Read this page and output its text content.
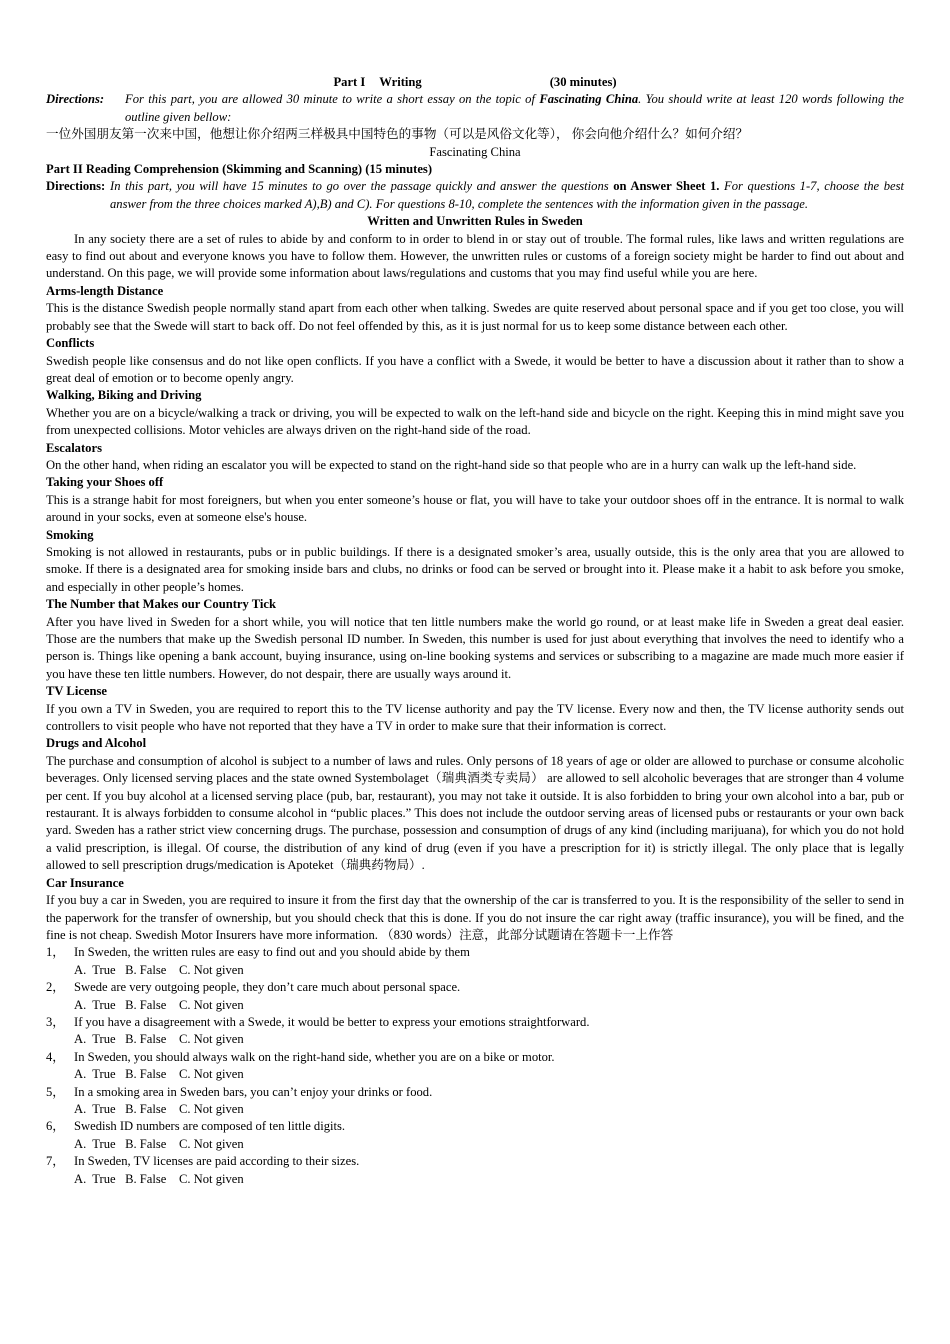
Part I Writing	(30 minutes)

Directions: For this part, you are allowed 30 minute to write a short essay on the topic of Fascinating China. You should write at least 120 words following the outline given bellow:

一位外国朋友第一次来中国，他想让你介绍两三样极具中国特色的事物（可以是风俗文化等）， 你会向他介绍什么？如何介绍？

Fascinating China

Part II Reading Comprehension (Skimming and Scanning) (15 minutes)

Directions: In this part, you will have 15 minutes to go over the passage quickly and answer the questions on Answer Sheet 1. For questions 1-7, choose the best answer from the three choices marked A),B) and C). For questions 8-10, complete the sentences with the information given in the passage.

Written and Unwritten Rules in Sweden

In any society there are a set of rules to abide by and conform to in order to blend in or stay out of trouble. The formal rules, like laws and written regulations are easy to find out about and everyone knows you have to follow them. However, the unwritten rules or customs of a foreign society might be harder to find out about and understand. On this page, we will provide some information about laws/regulations and customs that you may find useful while you are here.

Arms-length Distance

This is the distance Swedish people normally stand apart from each other when talking. Swedes are quite reserved about personal space and if you get too close, you will probably see that the Swede will start to back off. Do not feel offended by this, as it is just normal for us to keep some distance between each other.

Conflicts

Swedish people like consensus and do not like open conflicts. If you have a conflict with a Swede, it would be better to have a discussion about it rather than to show a great deal of emotion or to become openly angry.

Walking, Biking and Driving

Whether you are on a bicycle/walking a track or driving, you will be expected to walk on the left-hand side and bicycle on the right. Keeping this in mind might save you from unexpected collisions. Motor vehicles are always driven on the right-hand side of the road.

Escalators

On the other hand, when riding an escalator you will be expected to stand on the right-hand side so that people who are in a hurry can walk up the left-hand side.

Taking your Shoes off

This is a strange habit for most foreigners, but when you enter someone’s house or flat, you will have to take your outdoor shoes off in the entrance. It is normal to walk around in your socks, even at someone else's house.

Smoking

Smoking is not allowed in restaurants, pubs or in public buildings. If there is a designated smoker’s area, usually outside, this is the only area that you are allowed to smoke. If there is a designated area for smoking inside bars and clubs, no drinks or food can be served or brought into it. Please make it a habit to ask before you smoke, and especially in other people’s homes.

The Number that Makes our Country Tick

After you have lived in Sweden for a short while, you will notice that ten little numbers make the world go round, or at least make life in Sweden a great deal easier. Those are the numbers that make up the Swedish personal ID number. In Sweden, this number is used for just about everything that involves the need to identify who a person is. Things like opening a bank account, buying insurance, using on-line booking systems and services or subscribing to a magazine are made much more easier if you have these ten little numbers. However, do not despair, there are usually ways around it.

TV License

If you own a TV in Sweden, you are required to report this to the TV license authority and pay the TV license. Every now and then, the TV license authority sends out controllers to visit people who have not reported that they have a TV in order to make sure that their information is correct.

Drugs and Alcohol

The purchase and consumption of alcohol is subject to a number of laws and rules. Only persons of 18 years of age or older are allowed to purchase or consume alcoholic beverages. Only licensed serving places and the state owned Systembolaget（瑞典酒类专卖局） are allowed to sell alcoholic beverages that are stronger than 4 volume per cent. If you buy alcohol at a licensed serving place (pub, bar, restaurant), you may not take it outside. It is also forbidden to bring your own alcohol into a bar, pub or restaurant. It is always forbidden to consume alcohol in “public places.” This does not include the outdoor serving areas of licensed pubs or restaurants or your own back yard. Sweden has a rather strict view concerning drugs. The purchase, possession and consumption of drugs of any kind (including marijuana), for which you do not hold a valid prescription, is illegal. Of course, the distribution of any kind of drug (even if you have a prescription for it) is strictly illegal. The only place that is legally allowed to sell prescription drugs/medication is Apoteket（瑞典药物局）.

Car Insurance

If you buy a car in Sweden, you are required to insure it from the first day that the ownership of the car is transferred to you. It is the responsibility of the seller to send in the paperwork for the transfer of ownership, but you should check that this is done. If you do not insure the car right away (traffic insurance), you will be fined, and the fine is not cheap. Swedish Motor Insurers have more information. （830 words）注意，此部分试题请在答题卡一上作答

1， In Sweden, the written rules are easy to find out and you should abide by them
A.  True   B. False    C. Not given
2， Swede are very outgoing people, they don’t care much about personal space.
A.  True   B. False    C. Not given
3， If you have a disagreement with a Swede, it would be better to express your emotions straightforward.
A.  True   B. False    C. Not given
4， In Sweden, you should always walk on the right-hand side, whether you are on a bike or motor.
A.  True   B. False    C. Not given
5， In a smoking area in Sweden bars, you can’t enjoy your drinks or food.
A.  True   B. False    C. Not given
6， Swedish ID numbers are composed of ten little digits.
A.  True   B. False    C. Not given
7， In Sweden, TV licenses are paid according to their sizes.
A.  True   B. False    C. Not given
